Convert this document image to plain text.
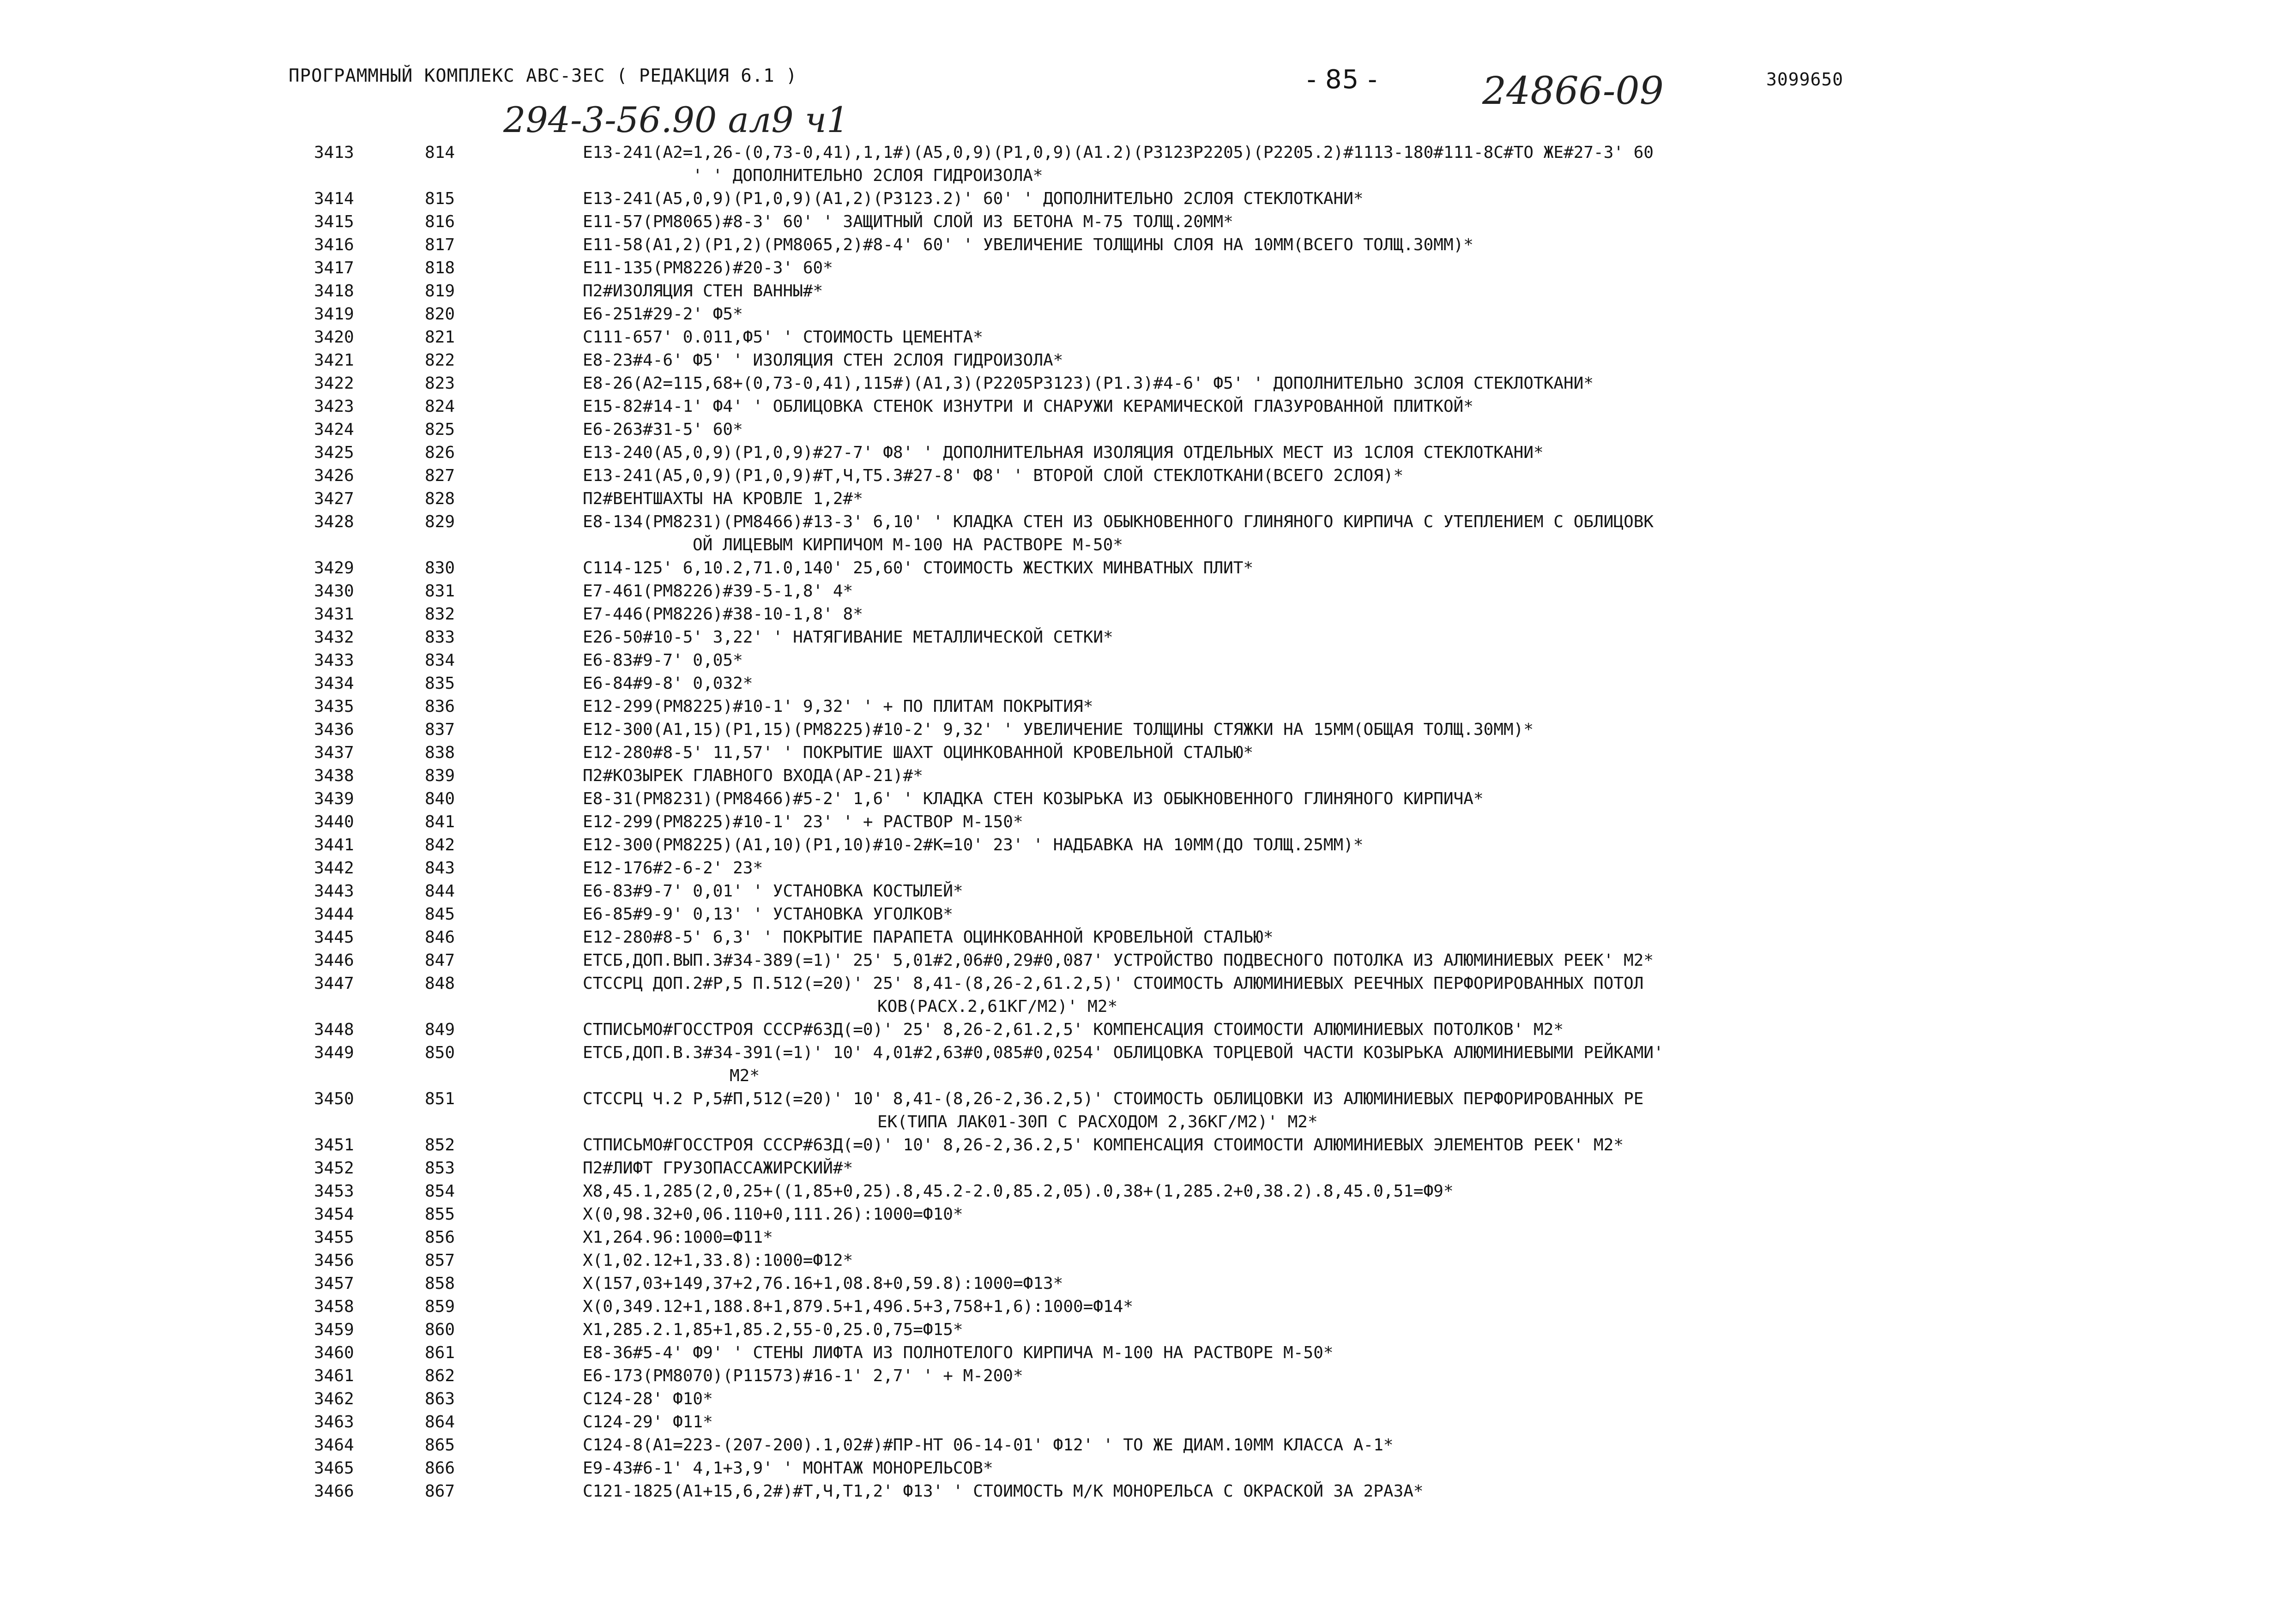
ПРОГРАММНЫЙ КОМПЛЕКС АВС-3ЕС ( РЕДАКЦИЯ 6.1 )	- 85 -	24866-09	3099650
294-3-56.90 ал9 ч1
3413	814	Е13-241(А2=1,26-(0,73-0,41),1,1#)(А5,0,9)(Р1,0,9)(А1.2)(Р3123Р2205)(Р2205.2)#1113-180#111-8С#ТО ЖЕ#27-3' 60
' ' ДОПОЛНИТЕЛЬНО 2СЛОЯ ГИДРОИЗОЛА*
3414	815	Е13-241(А5,0,9)(Р1,0,9)(А1,2)(Р3123.2)' 60' ' ДОПОЛНИТЕЛЬНО 2СЛОЯ СТЕКЛОТКАНИ*
3415	816	Е11-57(РМ8065)#8-3' 60' ' ЗАЩИТНЫЙ СЛОЙ ИЗ БЕТОНА М-75 ТОЛЩ.20ММ*
3416	817	Е11-58(А1,2)(Р1,2)(РМ8065,2)#8-4' 60' ' УВЕЛИЧЕНИЕ ТОЛЩИНЫ СЛОЯ НА 10ММ(ВСЕГО ТОЛЩ.30ММ)*
3417	818	Е11-135(РМ8226)#20-3' 60*
3418	819	П2#ИЗОЛЯЦИЯ СТЕН ВАННЫ#*
3419	820	Е6-251#29-2' Ф5*
3420	821	С111-657' 0.011,Ф5' ' СТОИМОСТЬ ЦЕМЕНТА*
3421	822	Е8-23#4-6' Ф5' ' ИЗОЛЯЦИЯ СТЕН 2СЛОЯ ГИДРОИЗОЛА*
3422	823	Е8-26(А2=115,68+(0,73-0,41),115#)(А1,3)(Р2205Р3123)(Р1.3)#4-6' Ф5' ' ДОПОЛНИТЕЛЬНО 3СЛОЯ СТЕКЛОТКАНИ*
3423	824	Е15-82#14-1' Ф4' ' ОБЛИЦОВКА СТЕНОК ИЗНУТРИ И СНАРУЖИ КЕРАМИЧЕСКОЙ ГЛАЗУРОВАННОЙ ПЛИТКОЙ*
3424	825	Е6-263#31-5' 60*
3425	826	Е13-240(А5,0,9)(Р1,0,9)#27-7' Ф8' ' ДОПОЛНИТЕЛЬНАЯ ИЗОЛЯЦИЯ ОТДЕЛЬНЫХ МЕСТ ИЗ 1СЛОЯ СТЕКЛОТКАНИ*
3426	827	Е13-241(А5,0,9)(Р1,0,9)#Т,Ч,Т5.3#27-8' Ф8' ' ВТОРОЙ СЛОЙ СТЕКЛОТКАНИ(ВСЕГО 2СЛОЯ)*
3427	828	П2#ВЕНТШАХТЫ НА КРОВЛЕ 1,2#*
3428	829	Е8-134(РМ8231)(РМ8466)#13-3' 6,10' ' КЛАДКА СТЕН ИЗ ОБЫКНОВЕННОГО ГЛИНЯНОГО КИРПИЧА С УТЕПЛЕНИЕМ С ОБЛИЦОВК
ОЙ ЛИЦЕВЫМ КИРПИЧОМ М-100 НА РАСТВОРЕ М-50*
3429	830	С114-125' 6,10.2,71.0,140' 25,60' СТОИМОСТЬ ЖЕСТКИХ МИНВАТНЫХ ПЛИТ*
3430	831	Е7-461(РМ8226)#39-5-1,8' 4*
3431	832	Е7-446(РМ8226)#38-10-1,8' 8*
3432	833	Е26-50#10-5' 3,22' ' НАТЯГИВАНИЕ МЕТАЛЛИЧЕСКОЙ СЕТКИ*
3433	834	Е6-83#9-7' 0,05*
3434	835	Е6-84#9-8' 0,032*
3435	836	Е12-299(РМ8225)#10-1' 9,32' ' + ПО ПЛИТАМ ПОКРЫТИЯ*
3436	837	Е12-300(А1,15)(Р1,15)(РМ8225)#10-2' 9,32' ' УВЕЛИЧЕНИЕ ТОЛЩИНЫ СТЯЖКИ НА 15ММ(ОБЩАЯ ТОЛЩ.30ММ)*
3437	838	Е12-280#8-5' 11,57' ' ПОКРЫТИЕ ШАХТ ОЦИНКОВАННОЙ КРОВЕЛЬНОЙ СТАЛЬЮ*
3438	839	П2#КОЗЫРЕК ГЛАВНОГО ВХОДА(АР-21)#*
3439	840	Е8-31(РМ8231)(РМ8466)#5-2' 1,6' ' КЛАДКА СТЕН КОЗЫРЬКА ИЗ ОБЫКНОВЕННОГО ГЛИНЯНОГО КИРПИЧА*
3440	841	Е12-299(РМ8225)#10-1' 23' ' + РАСТВОР М-150*
3441	842	Е12-300(РМ8225)(А1,10)(Р1,10)#10-2#К=10' 23' ' НАДБАВКА НА 10ММ(ДО ТОЛЩ.25ММ)*
3442	843	Е12-176#2-6-2' 23*
3443	844	Е6-83#9-7' 0,01' ' УСТАНОВКА КОСТЫЛЕЙ*
3444	845	Е6-85#9-9' 0,13' ' УСТАНОВКА УГОЛКОВ*
3445	846	Е12-280#8-5' 6,3' ' ПОКРЫТИЕ ПАРАПЕТА ОЦИНКОВАННОЙ КРОВЕЛЬНОЙ СТАЛЬЮ*
3446	847	ЕТСБ,ДОП.ВЫП.3#34-389(=1)' 25' 5,01#2,06#0,29#0,087' УСТРОЙСТВО ПОДВЕСНОГО ПОТОЛКА ИЗ АЛЮМИНИЕВЫХ РЕЕК' М2*
3447	848	СТССРЦ ДОП.2#Р,5 П.512(=20)' 25' 8,41-(8,26-2,61.2,5)' СТОИМОСТЬ АЛЮМИНИЕВЫХ РЕЕЧНЫХ ПЕРФОРИРОВАННЫХ ПОТОЛ
КОВ(РАСХ.2,61КГ/М2)' М2*
3448	849	СТПИСЬМО#ГОССТРОЯ СССР#63Д(=0)' 25' 8,26-2,61.2,5' КОМПЕНСАЦИЯ СТОИМОСТИ АЛЮМИНИЕВЫХ ПОТОЛКОВ' М2*
3449	850	ЕТСБ,ДОП.В.3#34-391(=1)' 10' 4,01#2,63#0,085#0,0254' ОБЛИЦОВКА ТОРЦЕВОЙ ЧАСТИ КОЗЫРЬКА АЛЮМИНИЕВЫМИ РЕЙКАМИ'
М2*
3450	851	СТССРЦ Ч.2 Р,5#П,512(=20)' 10' 8,41-(8,26-2,36.2,5)' СТОИМОСТЬ ОБЛИЦОВКИ ИЗ АЛЮМИНИЕВЫХ ПЕРФОРИРОВАННЫХ РЕ
ЕК(ТИПА ЛАК01-30П С РАСХОДОМ 2,36КГ/М2)' М2*
3451	852	СТПИСЬМО#ГОССТРОЯ СССР#63Д(=0)' 10' 8,26-2,36.2,5' КОМПЕНСАЦИЯ СТОИМОСТИ АЛЮМИНИЕВЫХ ЭЛЕМЕНТОВ РЕЕК' М2*
3452	853	П2#ЛИФТ ГРУЗОПАССАЖИРСКИЙ#*
3453	854	Х8,45.1,285(2,0,25+((1,85+0,25).8,45.2-2.0,85.2,05).0,38+(1,285.2+0,38.2).8,45.0,51=Ф9*
3454	855	Х(0,98.32+0,06.110+0,111.26):1000=Ф10*
3455	856	Х1,264.96:1000=Ф11*
3456	857	Х(1,02.12+1,33.8):1000=Ф12*
3457	858	Х(157,03+149,37+2,76.16+1,08.8+0,59.8):1000=Ф13*
3458	859	Х(0,349.12+1,188.8+1,879.5+1,496.5+3,758+1,6):1000=Ф14*
3459	860	Х1,285.2.1,85+1,85.2,55-0,25.0,75=Ф15*
3460	861	Е8-36#5-4' Ф9' ' СТЕНЫ ЛИФТА ИЗ ПОЛНОТЕЛОГО КИРПИЧА М-100 НА РАСТВОРЕ М-50*
3461	862	Е6-173(РМ8070)(Р11573)#16-1' 2,7' ' + М-200*
3462	863	С124-28' Ф10*
3463	864	С124-29' Ф11*
3464	865	С124-8(А1=223-(207-200).1,02#)#ПР-НТ 06-14-01' Ф12' ' ТО ЖЕ ДИАМ.10ММ КЛАССА А-1*
3465	866	Е9-43#6-1' 4,1+3,9' ' МОНТАЖ МОНОРЕЛЬСОВ*
3466	867	С121-1825(А1+15,6,2#)#Т,Ч,Т1,2' Ф13' ' СТОИМОСТЬ М/К МОНОРЕЛЬСА С ОКРАСКОЙ ЗА 2РАЗА*
